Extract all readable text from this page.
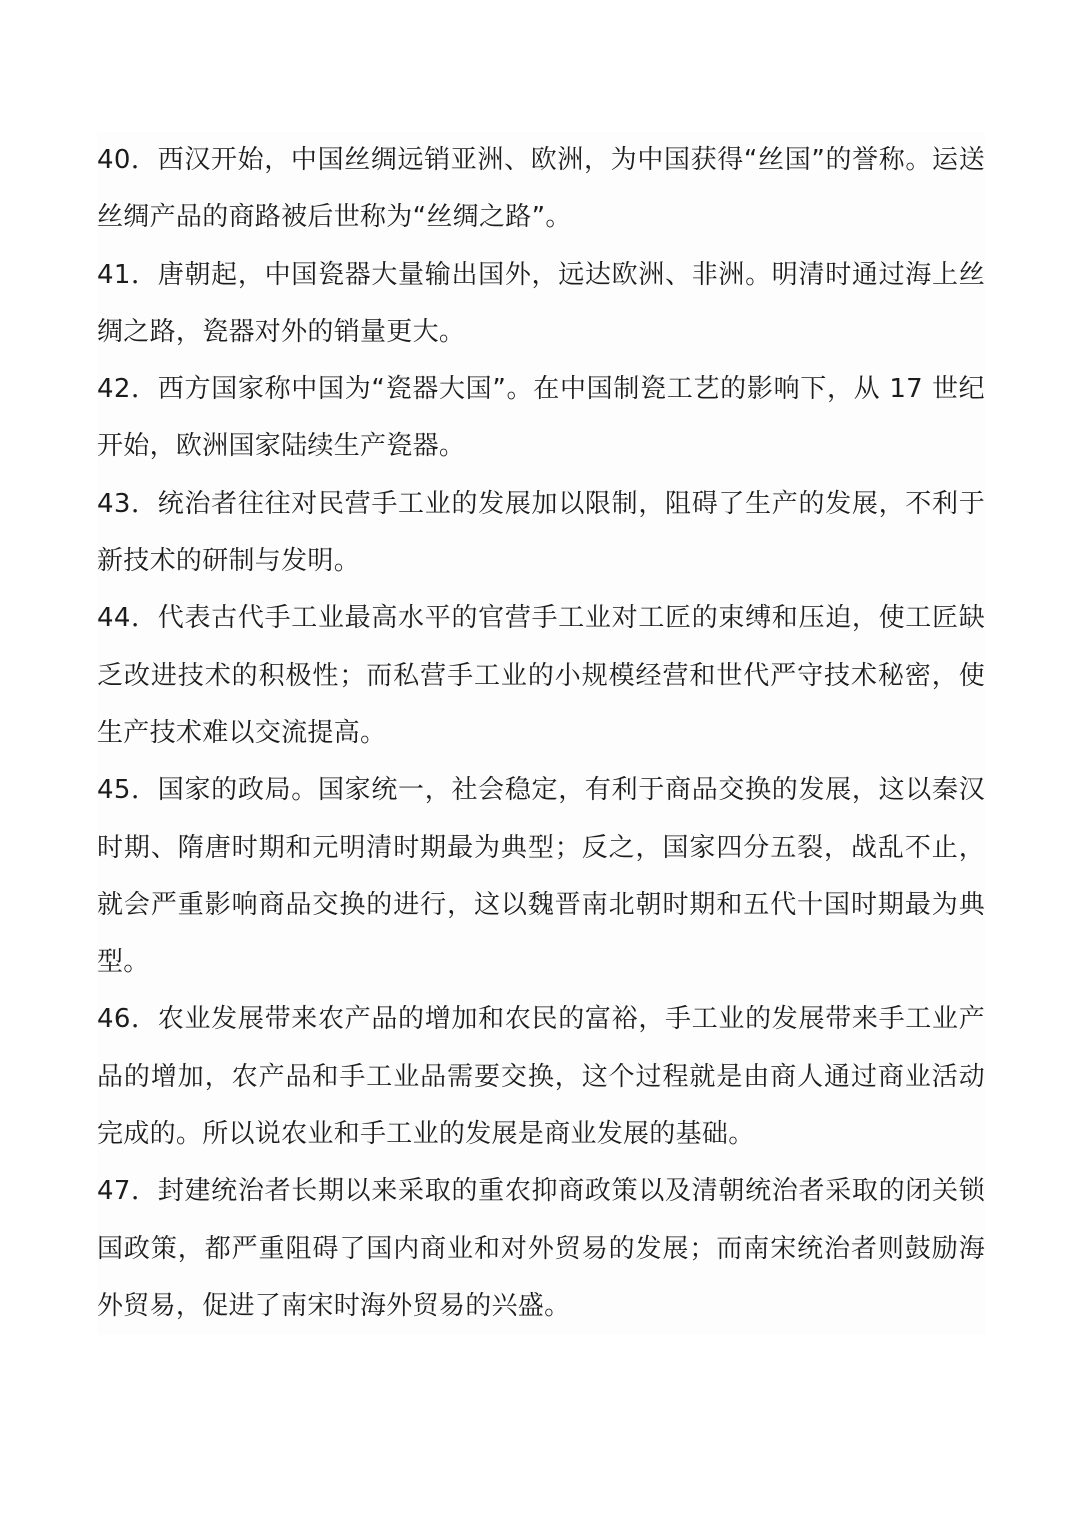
40．西汉开始，中国丝绸远销亚洲、欧洲，为中国获得“丝国”的誉称。运送丝绸产品的商路被后世称为“丝绸之路”。

41．唐朝起，中国瓷器大量输出国外，远达欧洲、非洲。明清时通过海上丝绸之路，瓷器对外的销量更大。

42．西方国家称中国为“瓷器大国”。在中国制瓷工艺的影响下，从 17 世纪开始，欧洲国家陆续生产瓷器。

43．统治者往往对民营手工业的发展加以限制，阻碍了生产的发展，不利于新技术的研制与发明。

44．代表古代手工业最高水平的官营手工业对工匠的束缚和压迫，使工匠缺乏改进技术的积极性；而私营手工业的小规模经营和世代严守技术秘密，使生产技术难以交流提高。

45．国家的政局。国家统一，社会稳定，有利于商品交换的发展，这以秦汉时期、隋唐时期和元明清时期最为典型；反之，国家四分五裂，战乱不止，就会严重影响商品交换的进行，这以魏晋南北朝时期和五代十国时期最为典型。

46．农业发展带来农产品的增加和农民的富裕，手工业的发展带来手工业产品的增加，农产品和手工业品需要交换，这个过程就是由商人通过商业活动完成的。所以说农业和手工业的发展是商业发展的基础。

47．封建统治者长期以来采取的重农抑商政策以及清朝统治者采取的闭关锁国政策，都严重阻碍了国内商业和对外贸易的发展；而南宋统治者则鼓励海外贸易，促进了南宋时海外贸易的兴盛。
